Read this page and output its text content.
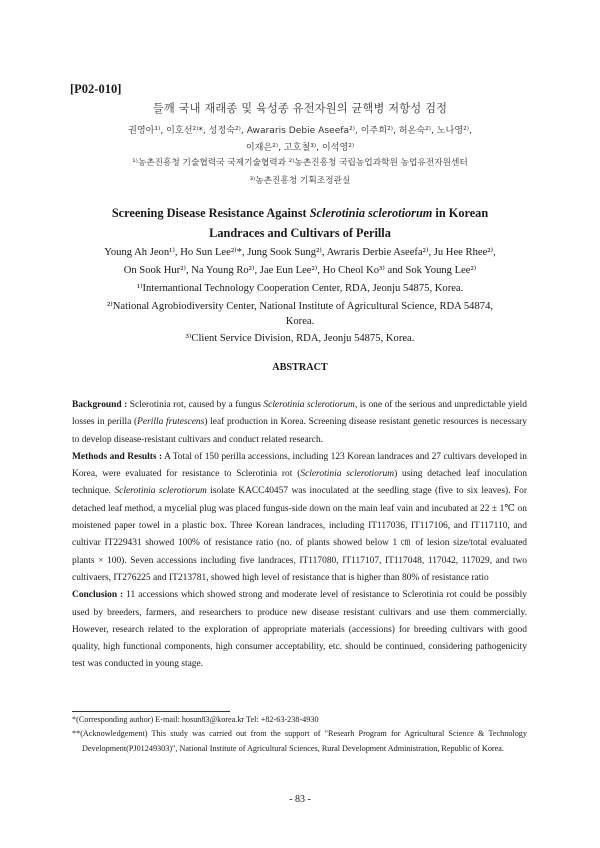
[P02-010]
들깨 국내 재래종 및 육성종 유전자원의 균핵병 저항성 검정
권영아¹⁾, 이호선²⁾*, 성정숙²⁾, Awararis Debie Aseefa²⁾, 이주희²⁾, 허온숙²⁾, 노나영²⁾,
이재은²⁾, 고호철³⁾, 이석영²⁾
¹⁾농촌진흥청 기술협력국 국제기술협력과 ²⁾농촌진흥청 국립농업과학원 농업유전자원센터
³⁾농촌진흥청 기획조정관실
Screening Disease Resistance Against Sclerotinia sclerotiorum in Korean
Landraces and Cultivars of Perilla
Young Ah Jeon¹⁾, Ho Sun Lee²⁾*, Jung Sook Sung²⁾, Awraris Derbie Aseefa²⁾, Ju Hee Rhee²⁾,
On Sook Hur²⁾, Na Young Ro²⁾, Jae Eun Lee²⁾, Ho Cheol Ko³⁾ and Sok Young Lee²⁾
¹⁾Internantional Technology Cooperation Center, RDA, Jeonju 54875, Korea.
²⁾National Agrobiodiversity Center, National Institute of Agricultural Science, RDA 54874,
Korea.
³⁾Client Service Division, RDA, Jeonju 54875, Korea.
ABSTRACT

Background : Sclerotinia rot, caused by a fungus Sclerotinia sclerotiorum, is one of the serious and unpredictable yield losses in perilla (Perilla frutescens) leaf production in Korea. Screening disease resistant genetic resources is necessary to develop disease-resistant cultivars and conduct related research.

Methods and Results : A Total of 150 perilla accessions, including 123 Korean landraces and 27 cultivars developed in Korea, were evaluated for resistance to Sclerotinia rot (Sclerotinia sclerotiorum) using detached leaf inoculation technique. Sclerotinia sclerotiorum isolate KACC40457 was inoculated at the seedling stage (five to six leaves). For detached leaf method, a mycelial plug was placed fungus-side down on the main leaf vain and incubated at 22 ± 1℃ on moistened paper towel in a plastic box. Three Korean landraces, including IT117036, IT117106, and IT117110, and cultivar IT229431 showed 100% of resistance ratio (no. of plants showed below 1 ㎝ of lesion size/total evaluated plants × 100). Seven accessions including five landraces, IT117080, IT117107, IT117048, 117042, 117029, and two cultivaers, IT276225 and IT213781, showed high level of resistance that is higher than 80% of resistance ratio

Conclusion : 11 accessions which showed strong and moderate level of resistance to Sclerotinia rot could be possibly used by breeders, farmers, and researchers to produce new disease resistant cultivars and use them commercially. However, research related to the exploration of appropriate materials (accessions) for breeding cultivars with good quality, high functional components, high consumer acceptability, etc. should be continued, considering pathogenicity test was conducted in young stage.

*(Corresponding author) E-mail: hosun83@korea.kr Tel: +82-63-238-4930
**(Acknowledgement) This study was carried out from the support of "Researh Program for Agricultural Science & Technology Development(PJ01249303)", National Institute of Agricultural Sciences, Rural Development Administration, Republic of Korea.
- 83 -
